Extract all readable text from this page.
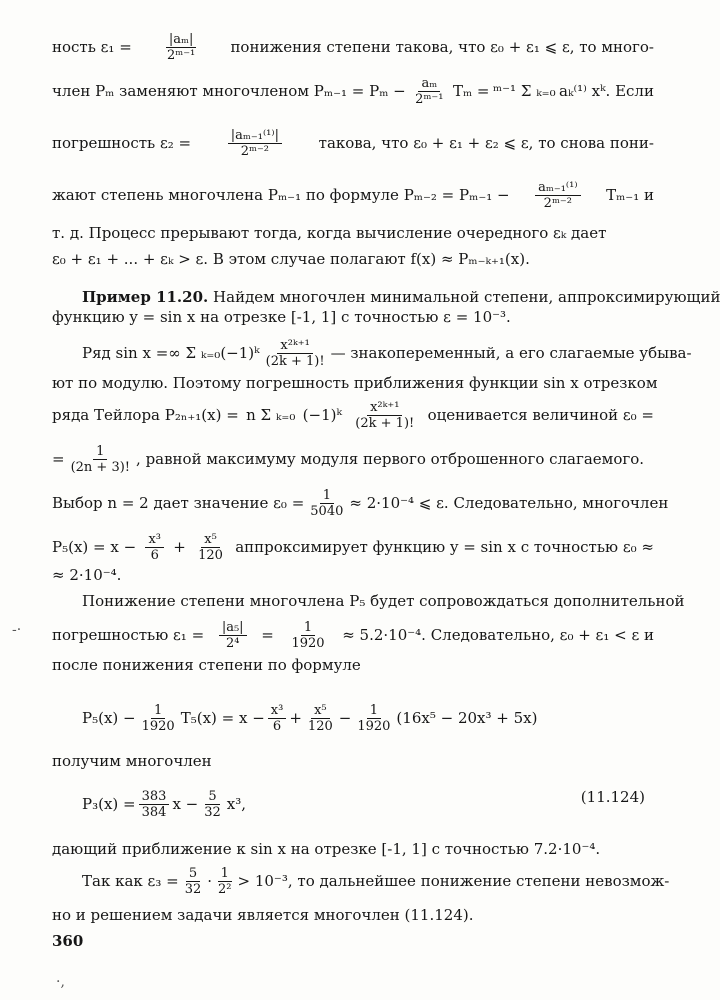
ность $\varepsilon_1 = \frac{\text{|aₘ|}}{\text{2ᵐ⁻¹}}$ понижения степени такова, что ε₀ + ε₁ ⩽ ε, то много-
член Pₘ заменяют многочленом $P_{m-1} = P_m - \frac{\text{aₘ}}{\text{2ᵐ⁻¹}}$ Tₘ = ᵐ⁻¹ Σ ₖ₌₀ aₖ⁽¹⁾ xᵏ. Если
погрешность ε₂ =	$\frac{\text{|aₘ₋₁⁽¹⁾|}}{\text{2ᵐ⁻²}}$ такова, что ε₀ + ε₁ + ε₂ ⩽ ε, то снова пони-
жают степень многочлена Pₘ₋₁ по формуле $P_{m-2} = P_{m-1} - \frac{\text{aₘ₋₁⁽¹⁾}}{\text{2ᵐ⁻²}} T_{m-1}$ и
т. д. Процесс прерывают тогда, когда вычисление очередного εₖ дает
ε₀ + ε₁ + ... + εₖ > ε. В этом случае полагают f(x) ≈ Pₘ₋ₖ₊₁(x).
Пример 11.20.
Найдем многочлен минимальной степени, аппроксимирующий
функцию y = sin x на отрезке [-1, 1] с точностью ε = 10⁻³.
Ряд sin x = ∞ Σ ₖ₌₀ (−1)ᵏ $\frac{\text{x²ᵏ⁺¹}}{(2k + 1)!}$ — знакопеременный, а его слагаемые убыва-
ют по модулю. Поэтому погрешность приближения функции sin x отрезком
ряда Тейлора P₂ₙ₊₁(x) = n Σ ₖ₌₀ (−1)ᵏ $\frac{\text{x²ᵏ⁺¹}}{(2k + 1)!}$ оценивается величиной ε₀ =
= $\frac{1}{(2n + 3)!}$ , равной максимуму модуля первого отброшенного слагаемого.
Выбор n = 2 дает значение $\varepsilon_0 = \frac{1}{5040} \approx 2\cdot 10^{-4}$ ⩽ ε. Следовательно, многочлен
$P_5(x) = x - \frac{\text{x³}}{6} + \frac{\text{x⁵}}{120}$ аппроксимирует функцию y = sin x с точностью ε₀ ≈
≈ 2·10⁻⁴.
Понижение степени многочлена P₅ будет сопровождаться дополнительной
погрешностью $\varepsilon_1 = \frac{\text{|a₅|}}{\text{2⁴}} = \frac{1}{1920} \approx 5.2\cdot 10^{-4}$. Следовательно, ε₀ + ε₁ < ε и
после понижения степени по формуле
$P_5(x) - \frac{1}{1920} T_5(x) = x - \frac{\text{x³}}{6} + \frac{\text{x⁵}}{120} - \frac{1}{1920} (16x^5 - 20x^3 + 5x)$
получим многочлен
$P_3(x) = \frac{383}{384}$ $x - \frac{5}{32} x^3$,	(11.124)
дающий приближение к sin x на отрезке [-1, 1] с точностью 7.2·10⁻⁴.
Так как $\varepsilon_3 = \frac{5}{32} \cdot \frac{1}{\text{2²}} > 10^{-3}$, то дальнейшее понижение степени невозмож-
но и решением задачи является многочлен (11.124).
360
-·
·,
